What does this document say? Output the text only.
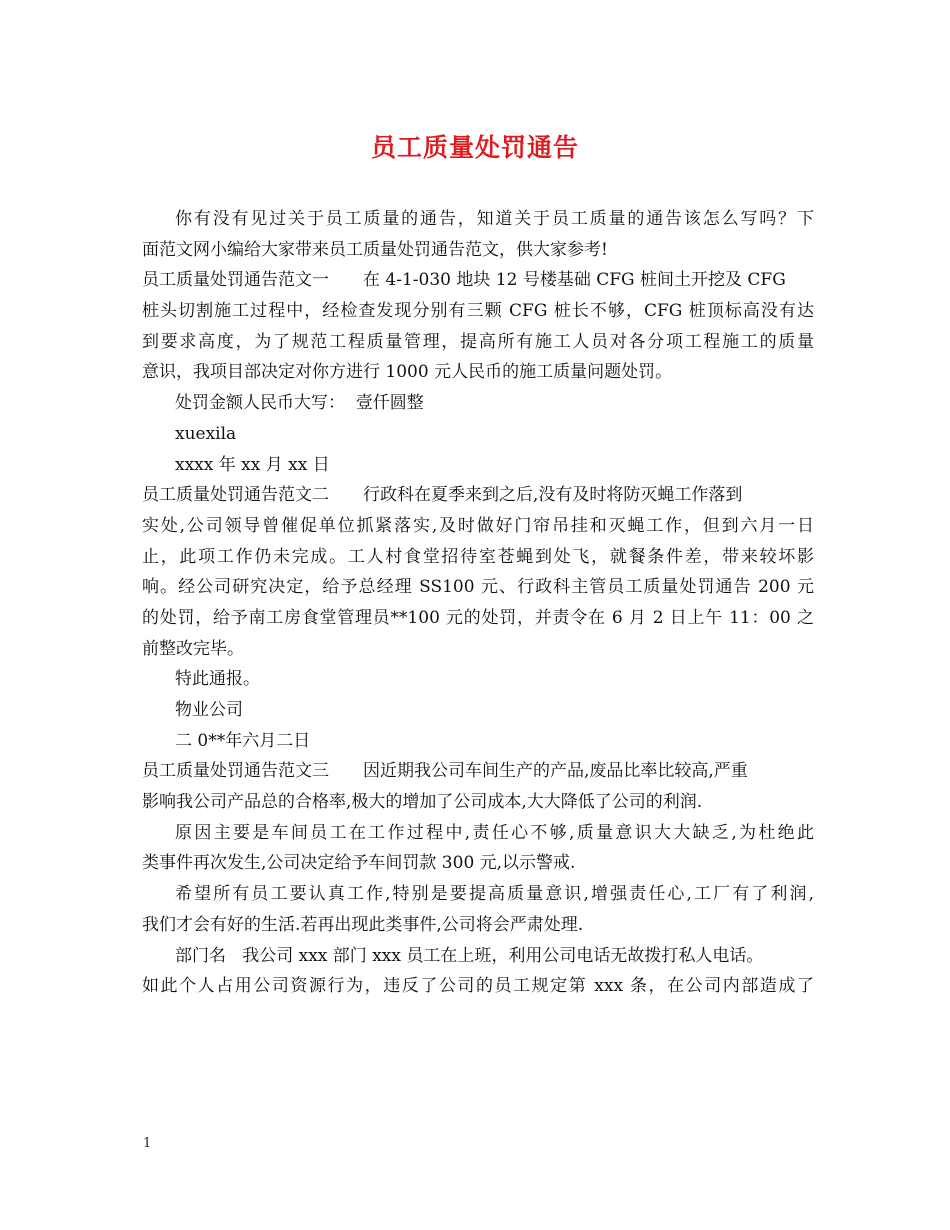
员工质量处罚通告
你有没有见过关于员工质量的通告，知道关于员工质量的通告该怎么写吗？下
面范文网小编给大家带来员工质量处罚通告范文，供大家参考!
员工质量处罚通告范文一 在 4-1-030 地块 12 号楼基础 CFG 桩间土开挖及 CFG
桩头切割施工过程中，经检查发现分别有三颗 CFG 桩长不够，CFG 桩顶标高没有达
到要求高度，为了规范工程质量管理，提高所有施工人员对各分项工程施工的质量
意识，我项目部决定对你方进行 1000 元人民币的施工质量问题处罚。
处罚金额人民币大写： 壹仟圆整
xuexila
xxxx 年 xx 月 xx 日
员工质量处罚通告范文二 行政科在夏季来到之后,没有及时将防灭蝇工作落到
实处,公司领导曾催促单位抓紧落实,及时做好门帘吊挂和灭蝇工作，但到六月一日
止，此项工作仍未完成。工人村食堂招待室苍蝇到处飞，就餐条件差，带来较坏影
响。经公司研究决定，给予总经理 SS100 元、行政科主管员工质量处罚通告 200 元
的处罚，给予南工房食堂管理员**100 元的处罚，并责令在 6 月 2 日上午 11：00 之
前整改完毕。
特此通报。
物业公司
二 0**年六月二日
员工质量处罚通告范文三 因近期我公司车间生产的产品,废品比率比较高,严重
影响我公司产品总的合格率,极大的增加了公司成本,大大降低了公司的利润.
原因主要是车间员工在工作过程中,责任心不够,质量意识大大缺乏,为杜绝此
类事件再次发生,公司决定给予车间罚款 300 元,以示警戒.
希望所有员工要认真工作,特别是要提高质量意识,增强责任心,工厂有了利润,
我们才会有好的生活.若再出现此类事件,公司将会严肃处理.
部门名 我公司 xxx 部门 xxx 员工在上班，利用公司电话无故拨打私人电话。
如此个人占用公司资源行为，违反了公司的员工规定第 xxx 条，在公司内部造成了
1
